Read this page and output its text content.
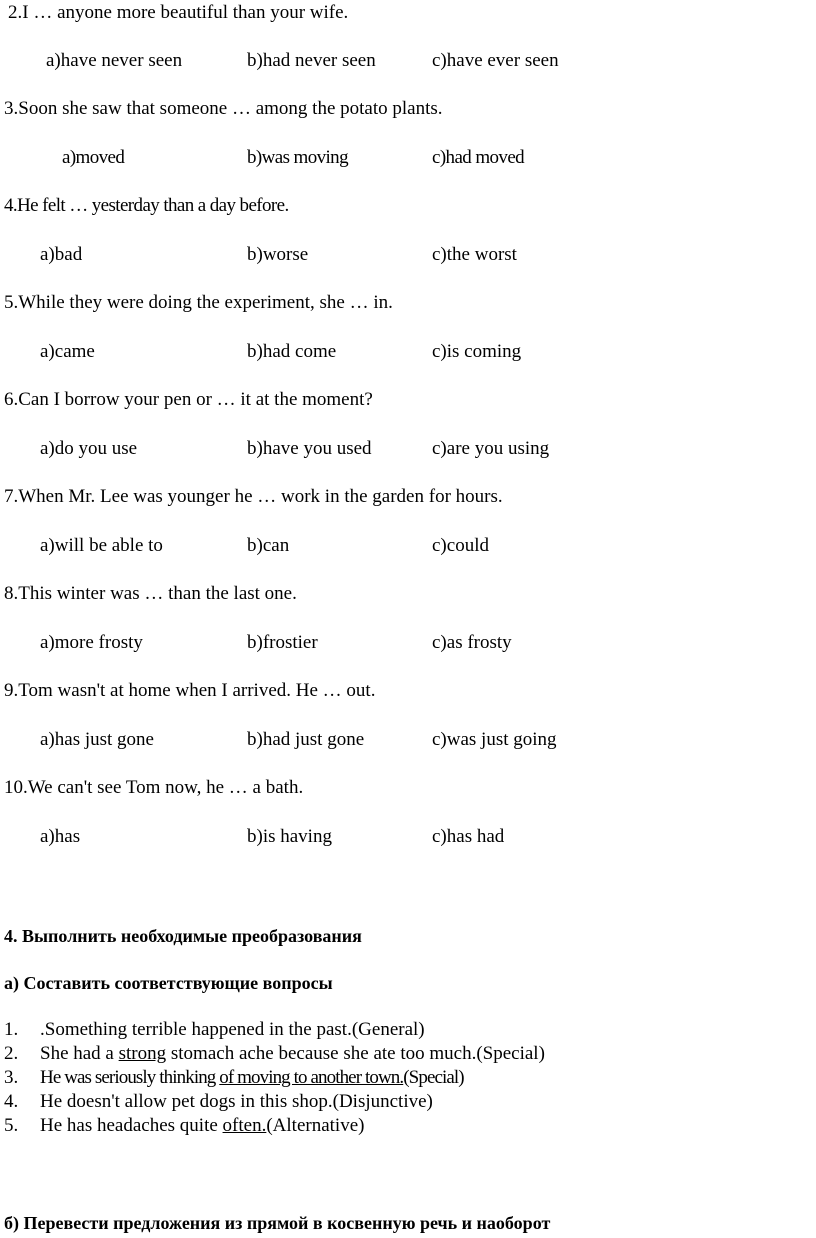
2.I … anyone more beautiful than your wife.
a)have never seen	b)had never seen	c)have ever seen
3.Soon she saw that someone … among the potato plants.
a)moved	b)was moving	c)had moved
4.He felt … yesterday than a day before.
a)bad	b)worse	c)the worst
5.While they were doing the experiment, she … in.
a)came	b)had come	c)is coming
6.Can I borrow your pen or … it at the moment?
a)do you use	b)have you used	c)are you using
7.When Mr. Lee was younger he … work in the garden for hours.
a)will be able to	b)can	c)could
8.This winter was … than the last one.
a)more frosty	b)frostier	c)as frosty
9.Tom wasn't at home when I arrived. He … out.
a)has just gone	b)had just gone	c)was just going
10.We can't see Tom now, he … a bath.
a)has	b)is having	c)has had
4. Выполнить необходимые преобразования
а) Составить соответствующие вопросы
1. .Something terrible happened in the past.(General)
2. She had a strong stomach ache because she ate too much.(Special)
3. He was seriously thinking of moving to another town.(Special)
4. He doesn't allow pet dogs in this shop.(Disjunctive)
5. He has headaches quite often.(Alternative)
б) Перевести предложения из прямой в косвенную речь и наоборот
